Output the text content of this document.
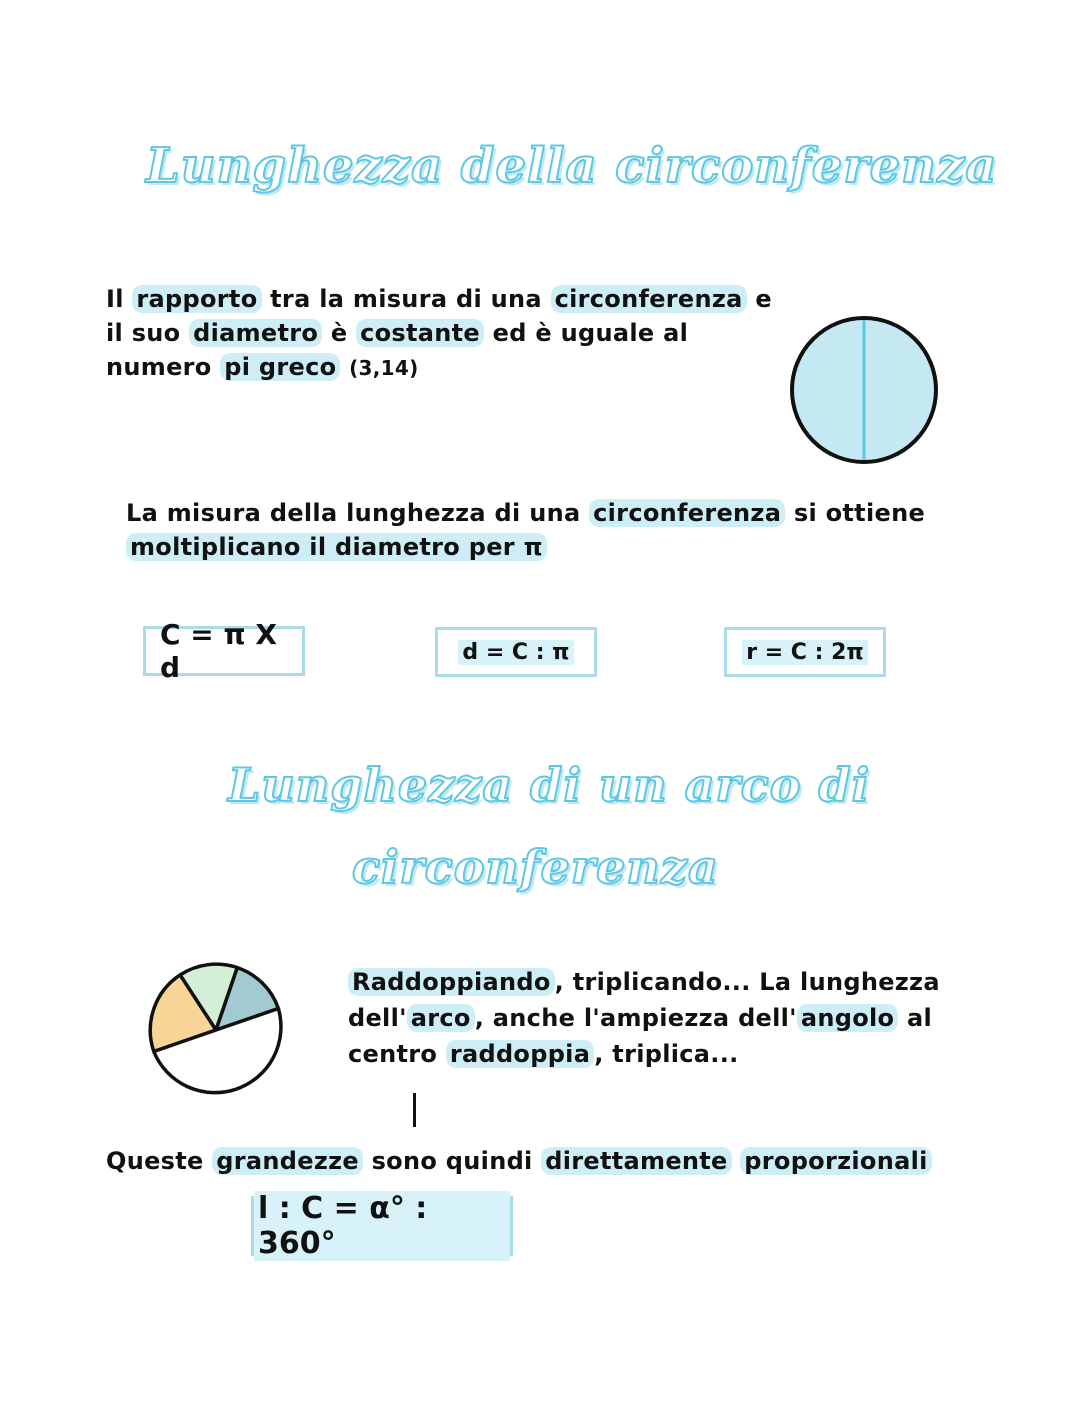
Lunghezza della circonferenza
Il rapporto tra la misura di una circonferenza e
il suo diametro è costante ed è uguale al
numero pi greco (3,14)
La misura della lunghezza di una circonferenza si ottiene
moltiplicano il diametro per π
C = π X d	d = C : π	r = C : 2π
Lunghezza di un arco di
circonferenza
Raddoppiando , triplicando... La lunghezza
dell' arco , anche l'ampiezza dell' angolo al
centro raddoppia , triplica...
Queste grandezze sono quindi direttamente proporzionali
l : C = α° : 360°
